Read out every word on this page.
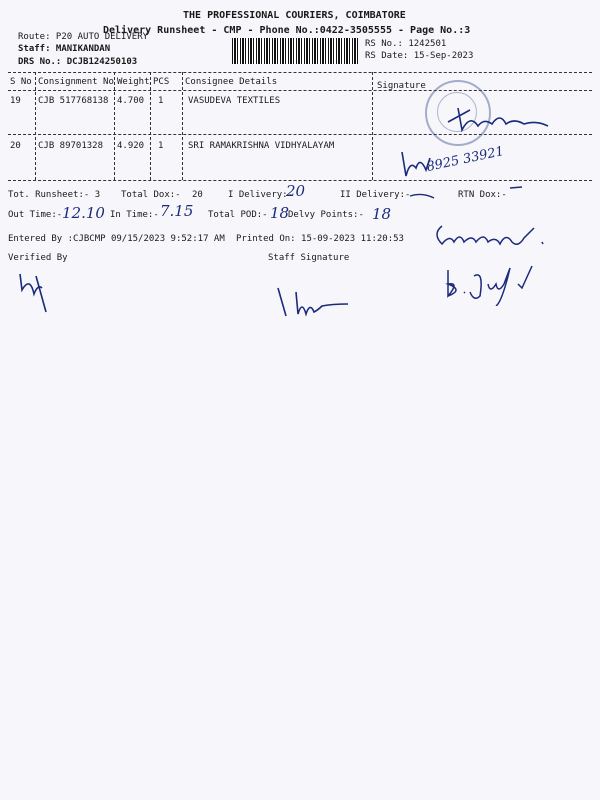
THE PROFESSIONAL COURIERS, COIMBATORE
Delivery Runsheet - CMP - Phone No.:0422-3505555 - Page No.:3
Route: P20 AUTO DELIVERY
Staff: MANIKANDAN
DRS No.: DCJB124250103
RS No.: 1242501
RS Date: 15-Sep-2023
S No Consignment No Weight PCS Consignee Details	Signature
19 CJB 517768138 4.700 1	VASUDEVA TEXTILES
20 CJB 89701328 4.920 1	SRI RAMAKRISHNA VIDHYALAYAM	8925 33921
Tot. Runsheet:- 3 Total Dox:- 20	I Delivery:-
20	II Delivery:-	RTN Dox:-
Out Time:- 12.10 In Time:- 7.15 Total POD:- 18
Delvy Points:- 18
Entered By :CJBCMP 09/15/2023 9:52:17 AM Printed On: 15-09-2023 11:20:53
Verified By	Staff Signature
